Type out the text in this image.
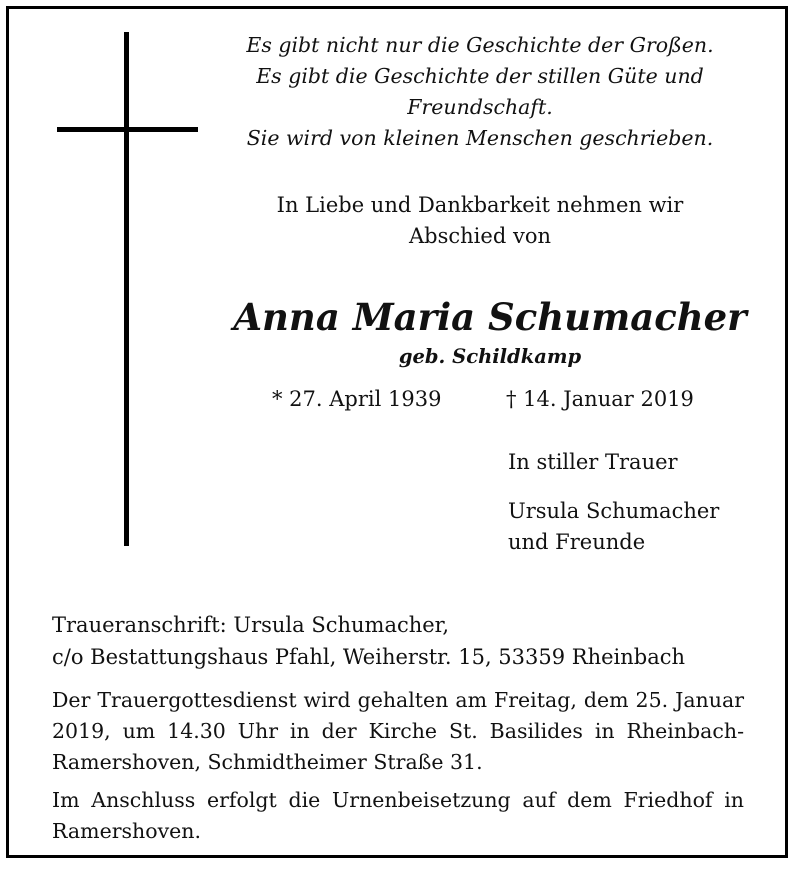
Es gibt nicht nur die Geschichte der Großen.
Es gibt die Geschichte der stillen Güte und
Freundschaft.
Sie wird von kleinen Menschen geschrieben.
In Liebe und Dankbarkeit nehmen wir
Abschied von
Anna Maria Schumacher
geb. Schildkamp
* 27. April 1939	† 14. Januar 2019
In stiller Trauer
Ursula Schumacher
und Freunde
Traueranschrift: Ursula Schumacher,
c/o Bestattungshaus Pfahl, Weiherstr. 15, 53359 Rheinbach
Der Trauergottesdienst wird gehalten am Freitag, dem 25. Januar 2019, um 14.30 Uhr in der Kirche St. Basilides in Rheinbach-Ramershoven, Schmidtheimer Straße 31.
Im Anschluss erfolgt die Urnenbeisetzung auf dem Friedhof in Ramershoven.
